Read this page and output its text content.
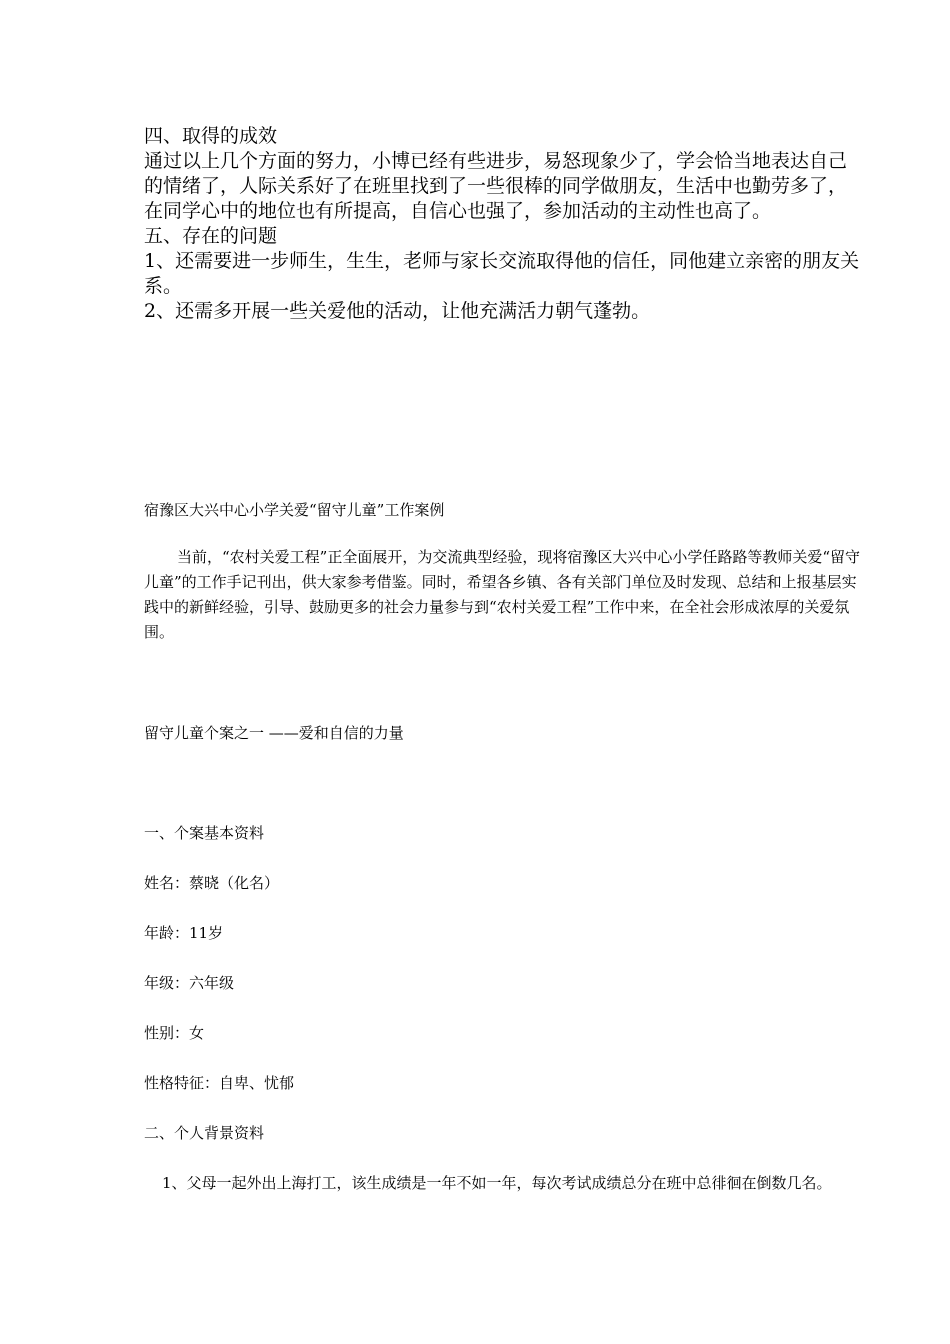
四、取得的成效
通过以上几个方面的努力，小博已经有些进步，易怒现象少了，学会恰当地表达自己的情绪了，人际关系好了在班里找到了一些很棒的同学做朋友，生活中也勤劳多了，在同学心中的地位也有所提高，自信心也强了，参加活动的主动性也高了。
五、存在的问题
1、还需要进一步师生，生生，老师与家长交流取得他的信任，同他建立亲密的朋友关系。
2、还需多开展一些关爱他的活动，让他充满活力朝气蓬勃。
宿豫区大兴中心小学关爱“留守儿童”工作案例
当前，“农村关爱工程”正全面展开，为交流典型经验，现将宿豫区大兴中心小学任路路等教师关爱“留守儿童”的工作手记刊出，供大家参考借鉴。同时，希望各乡镇、各有关部门单位及时发现、总结和上报基层实践中的新鲜经验，引导、鼓励更多的社会力量参与到“农村关爱工程”工作中来，在全社会形成浓厚的关爱氛围。
留守儿童个案之一 ——爱和自信的力量
一、个案基本资料
姓名：蔡晓（化名）
年龄：11岁
年级：六年级
性别：女
性格特征：自卑、忧郁
二、个人背景资料
1、父母一起外出上海打工，该生成绩是一年不如一年，每次考试成绩总分在班中总徘徊在倒数几名。
